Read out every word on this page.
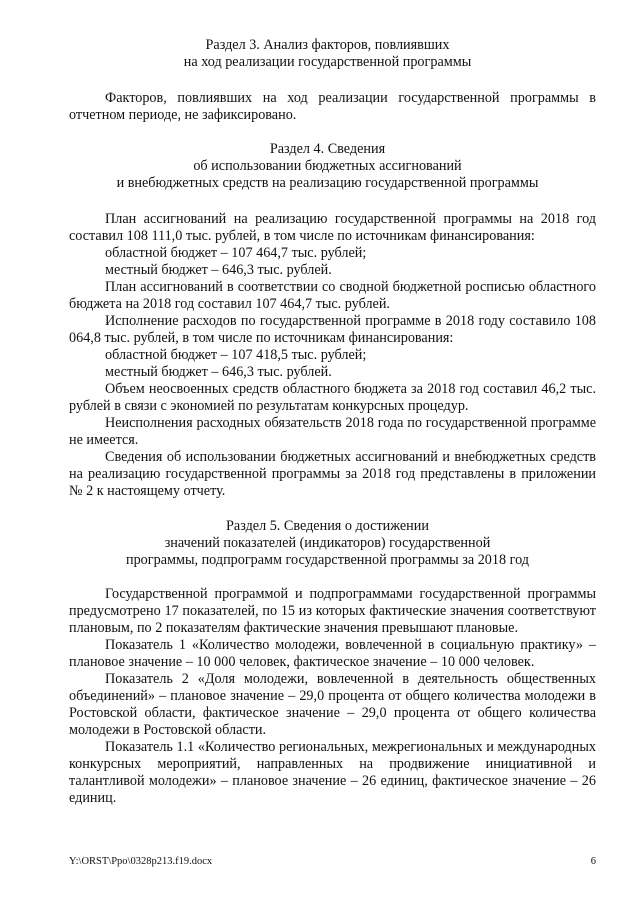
Раздел 3. Анализ факторов, повлиявших
на ход реализации государственной программы

Факторов, повлиявших на ход реализации государственной программы в отчетном периоде, не зафиксировано.

Раздел 4. Сведения
об использовании бюджетных ассигнований
и внебюджетных средств на реализацию государственной программы

План ассигнований на реализацию государственной программы на 2018 год составил 108 111,0 тыс. рублей, в том числе по источникам финансирования:

областной бюджет – 107 464,7 тыс. рублей;

местный бюджет – 646,3 тыс. рублей.

План ассигнований в соответствии со сводной бюджетной росписью областного бюджета на 2018 год составил 107 464,7 тыс. рублей.

Исполнение расходов по государственной программе в 2018 году составило 108 064,8 тыс. рублей, в том числе по источникам финансирования:

областной бюджет – 107 418,5 тыс. рублей;

местный бюджет – 646,3 тыс. рублей.

Объем неосвоенных средств областного бюджета за 2018 год составил 46,2 тыс. рублей в связи с экономией по результатам конкурсных процедур.

Неисполнения расходных обязательств 2018 года по государственной программе не имеется.

Сведения об использовании бюджетных ассигнований и внебюджетных средств на реализацию государственной программы за 2018 год представлены в приложении № 2 к настоящему отчету.

Раздел 5. Сведения о достижении
значений показателей (индикаторов) государственной
программы, подпрограмм государственной программы за 2018 год

Государственной программой и подпрограммами государственной программы предусмотрено 17 показателей, по 15 из которых фактические значения соответствуют плановым, по 2 показателям фактические значения превышают плановые.

Показатель 1 «Количество молодежи, вовлеченной в социальную практику» – плановое значение – 10 000 человек, фактическое значение – 10 000 человек.

Показатель 2 «Доля молодежи, вовлеченной в деятельность общественных объединений» – плановое значение – 29,0 процента от общего количества молодежи в Ростовской области, фактическое значение – 29,0 процента от общего количества молодежи в Ростовской области.

Показатель 1.1 «Количество региональных, межрегиональных и международных конкурсных мероприятий, направленных на продвижение инициативной и талантливой молодежи» – плановое значение – 26 единиц, фактическое значение – 26 единиц.

Y:\ORST\Ppo\0328p213.f19.docx	6
